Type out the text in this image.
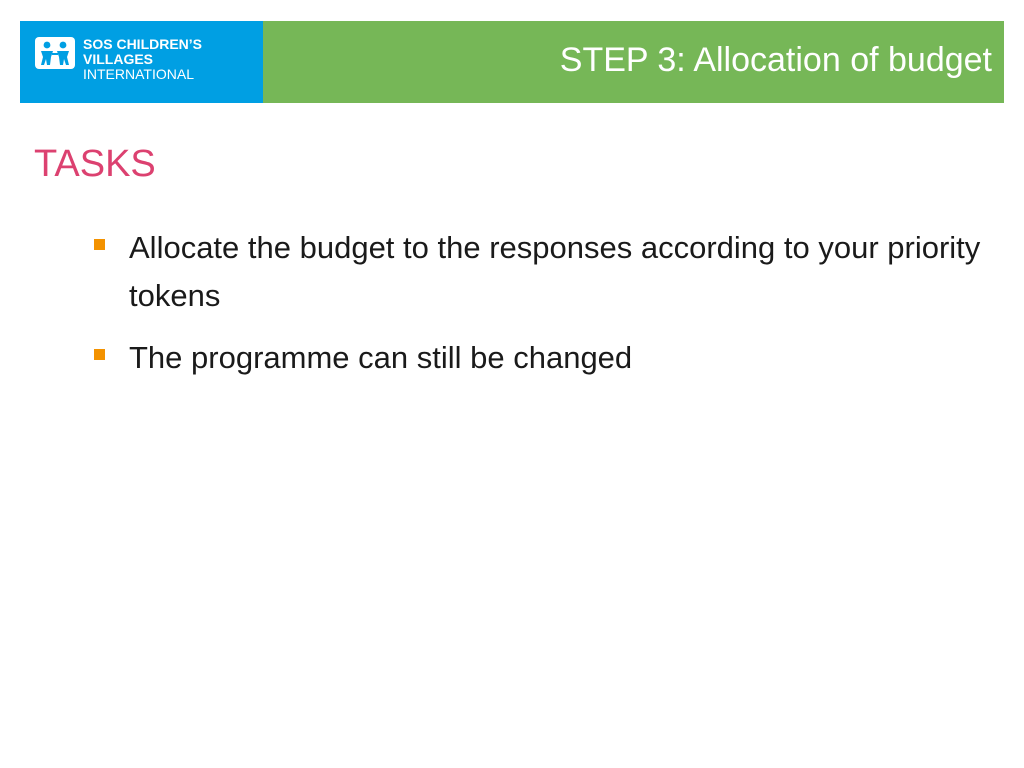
SOS CHILDREN’S
VILLAGES
INTERNATIONAL	STEP 3: Allocation of budget
TASKS
Allocate the budget to the responses according to your priority tokens
The programme can still be changed
